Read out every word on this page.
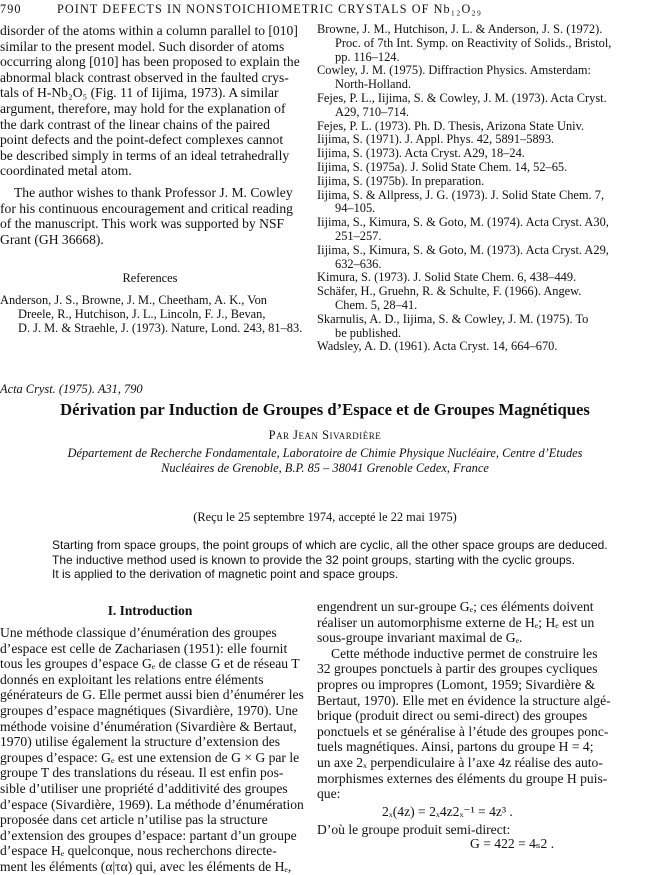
790	POINT DEFECTS IN NONSTOICHIOMETRIC CRYSTALS OF Nb₁₂O₂₉
disorder of the atoms within a column parallel to [010]
similar to the present model. Such disorder of atoms
occurring along [010] has been proposed to explain the
abnormal black contrast observed in the faulted crys-
tals of H-Nb₂O₅ (Fig. 11 of Iijima, 1973). A similar
argument, therefore, may hold for the explanation of
the dark contrast of the linear chains of the paired
point defects and the point-defect complexes cannot
be described simply in terms of an ideal tetrahedrally
coordinated metal atom.
The author wishes to thank Professor J. M. Cowley
for his continuous encouragement and critical reading
of the manuscript. This work was supported by NSF
Grant (GH 36668).
References
Anderson, J. S., Browne, J. M., Cheetham, A. K., Von
Dreele, R., Hutchison, J. L., Lincoln, F. J., Bevan,
D. J. M. & Straehle, J. (1973). Nature, Lond. 243, 81–83.
Browne, J. M., Hutchison, J. L. & Anderson, J. S. (1972).
Proc. of 7th Int. Symp. on Reactivity of Solids., Bristol,
pp. 116–124.
Cowley, J. M. (1975). Diffraction Physics. Amsterdam:
North-Holland.
Fejes, P. L., Iijima, S. & Cowley, J. M. (1973). Acta Cryst.
A29, 710–714.
Fejes, P. L. (1973). Ph. D. Thesis, Arizona State Univ.
Iijima, S. (1971). J. Appl. Phys. 42, 5891–5893.
Iijima, S. (1973). Acta Cryst. A29, 18–24.
Iijima, S. (1975a). J. Solid State Chem. 14, 52–65.
Iijima, S. (1975b). In preparation.
Iijima, S. & Allpress, J. G. (1973). J. Solid State Chem. 7,
94–105.
Iijima, S., Kimura, S. & Goto, M. (1974). Acta Cryst. A30,
251–257.
Iijima, S., Kimura, S. & Goto, M. (1973). Acta Cryst. A29,
632–636.
Kimura, S. (1973). J. Solid State Chem. 6, 438–449.
Schäfer, H., Gruehn, R. & Schulte, F. (1966). Angew.
Chem. 5, 28–41.
Skarnulis, A. D., Iijima, S. & Cowley, J. M. (1975). To
be published.
Wadsley, A. D. (1961). Acta Cryst. 14, 664–670.
Acta Cryst. (1975). A31, 790
Dérivation par Induction de Groupes d’Espace et de Groupes Magnétiques
Par Jean Sivardière
Département de Recherche Fondamentale, Laboratoire de Chimie Physique Nucléaire, Centre d’Etudes
Nucléaires de Grenoble, B.P. 85 – 38041 Grenoble Cedex, France
(Reçu le 25 septembre 1974, accepté le 22 mai 1975)
Starting from space groups, the point groups of which are cyclic, all the other space groups are deduced.
The inductive method used is known to provide the 32 point groups, starting with the cyclic groups.
It is applied to the derivation of magnetic point and space groups.
I. Introduction
Une méthode classique d’énumération des groupes
d’espace est celle de Zachariasen (1951): elle fournit
tous les groupes d’espace Gₑ de classe G et de réseau T
donnés en exploitant les relations entre éléments
générateurs de G. Elle permet aussi bien d’énumérer les
groupes d’espace magnétiques (Sivardière, 1970). Une
méthode voisine d’énumération (Sivardière & Bertaut,
1970) utilise également la structure d’extension des
groupes d’espace: Gₑ est une extension de G × G par le
groupe T des translations du réseau. Il est enfin pos-
sible d’utiliser une propriété d’additivité des groupes
d’espace (Sivardière, 1969). La méthode d’énumération
proposée dans cet article n’utilise pas la structure
d’extension des groupes d’espace: partant d’un groupe
d’espace Hₑ quelconque, nous recherchons directe-
ment les éléments (α|τα) qui, avec les éléments de Hₑ,
engendrent un sur-groupe Gₑ; ces éléments doivent
réaliser un automorphisme externe de Hₑ; Hₑ est un
sous-groupe invariant maximal de Gₑ.
Cette méthode inductive permet de construire les
32 groupes ponctuels à partir des groupes cycliques
propres ou impropres (Lomont, 1959; Sivardière &
Bertaut, 1970). Elle met en évidence la structure algé-
brique (produit direct ou semi-direct) des groupes
ponctuels et se généralise à l’étude des groupes ponc-
tuels magnétiques. Ainsi, partons du groupe H = 4;
un axe 2ₓ perpendiculaire à l’axe 4z réalise des auto-
morphismes externes des éléments du groupe H puis-
que:
2ₓ(4z) = 2ₓ4z2ₓ⁻¹ = 4z³ .
D’où le groupe produit semi-direct:
G = 422 = 4ₛ2 .
